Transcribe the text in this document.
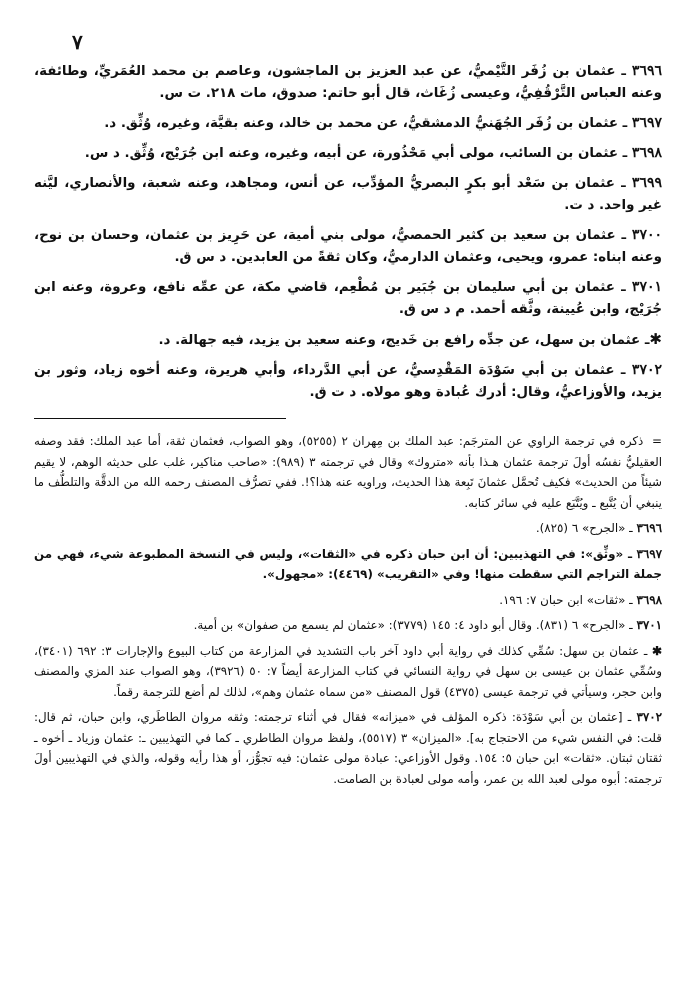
٧

٣٦٩٦ ـ عثمان بن زُفَر التَّيْميُّ، عن عبد العزيز بن الماجشون، وعاصم بن محمد العُمَريِّ، وطائفة، وعنه العباس التَّرْقُفِيُّ، وعيسى زُغَاث، قال أبو حاتم: صدوق، مات ٢١٨. ت س.

٣٦٩٧ ـ عثمان بن زُفَر الجُهَنيُّ الدمشقيُّ، عن محمد بن خالد، وعنه بقيَّة، وغيره، وُثِّق. د.

٣٦٩٨ ـ عثمان بن السائب، مولى أبي مَحْذُورة، عن أبيه، وغيره، وعنه ابن جُرَيْج، وُثِّق. د س.

٣٦٩٩ ـ عثمان بن سَعْد أبو بكرٍ البصريُّ المؤدِّب، عن أنس، ومجاهد، وعنه شعبة، والأنصاري، ليَّنه غير واحد. د ت.

٣٧٠٠ ـ عثمان بن سعيد بن كثير الحمصيُّ، مولى بني أمية، عن حَرِيز بن عثمان، وحسان بن نوح، وعنه ابناه: عمرو، ويحيى، وعثمان الدارميُّ، وكان ثقةً من العابدين. د س ق.

٣٧٠١ ـ عثمان بن أبي سليمان بن جُبَير بن مُطْعِم، قاضي مكة، عن عمِّه نافع، وعروة، وعنه ابن جُرَيْج، وابن عُيينة، وثَّقه أحمد. م د س ق.

✱ـ عثمان بن سهل، عن جدِّه رافع بن خَديج، وعنه سعيد بن يزيد، فيه جهالة. د.

٣٧٠٢ ـ عثمان بن أبي سَوْدَة المَقْدِسيُّ، عن أبي الدَّرداء، وأبي هريرة، وعنه أخوه زياد، وثور بن يزيد، والأوزاعيُّ، وقال: أدرك عُبادة وهو مولاه. د ت ق.

= ذكره في ترجمة الراوي عن المترجَم: عبد الملك بن مِهران ٢ (٥٢٥٥)، وهو الصواب، فعثمان ثقة، أما عبد الملك: فقد وصفه العقيليُّ نفسُه أولَ ترجمة عثمان هـذا بأنه «متروك» وقال في ترجمته ٣ (٩٨٩): «صاحب مناكير، غلب على حديثه الوهم، لا يقيم شيئاً من الحديث» فكيف تُحمَّل عثمانَ تَبِعة هذا الحديث، وراويه عنه هذا؟!. ففي تصرُّف المصنف رحمه الله من الدقَّة والتلطُّف ما ينبغي أن يُتَّبع ـ ويُتَّبَع عليه في سائر كتابه.

٣٦٩٦ ـ «الجرح» ٦ (٨٢٥).

٣٦٩٧ ـ «وثِّق»: في التهذيبين: أن ابن حبان ذكره في «الثقات»، وليس في النسخة المطبوعة شيء، فهي من جملة التراجم التي سقطت منها! وفي «التقريب» (٤٤٦٩): «مجهول».

٣٦٩٨ ـ «ثقات» ابن حبان ٧: ١٩٦.

٣٧٠١ ـ «الجرح» ٦ (٨٣١). وقال أبو داود ٤: ١٤٥ (٣٧٧٩): «عثمان لم يسمع من صفوان» بن أمية.

✱ ـ عثمان بن سهل: سُمِّي كذلك في رواية أبي داود آخر باب التشديد في المزارعة من كتاب البيوع والإجارات ٣: ٦٩٢ (٣٤٠١)، وسُمِّي عثمان بن عيسى بن سهل في رواية النسائي في كتاب المزارعة أيضاً ٧: ٥٠ (٣٩٢٦)، وهو الصواب عند المزي والمصنف وابن حجر، وسيأتي في ترجمة عيسى (٤٣٧٥) قول المصنف «من سماه عثمان وهم»، لذلك لم أضع للترجمة رقماً.

٣٧٠٢ ـ [عثمان بن أبي سَوْدَة: ذكره المؤلف في «ميزانه» فقال في أثناء ترجمته: وثقه مروان الطاطَري، وابن حبان، ثم قال: قلت: في النفس شيء من الاحتجاج به]. «الميزان» ٣ (٥٥١٧)، ولفظ مروان الطاطري ـ كما في التهذيبين ـ: عثمان وزياد ـ أخوه ـ ثقتان ثبتان. «ثقات» ابن حبان ٥: ١٥٤. وقول الأوزاعي: عبادة مولى عثمان: فيه تجوُّز، أو هذا رأيه وقوله، والذي في التهذيبين أولَ ترجمته: أبوه مولى لعبد الله بن عمر، وأمه مولى لعبادة بن الصامت.
